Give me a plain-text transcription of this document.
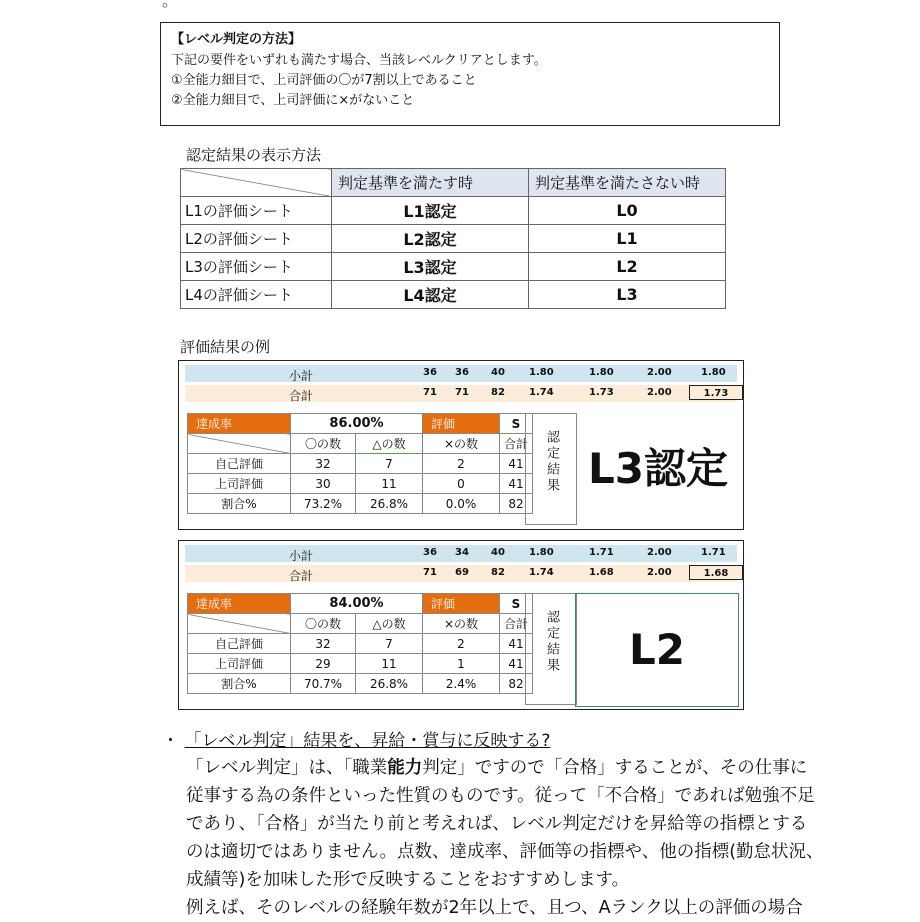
。
【レベル判定の方法】
下記の要件をいずれも満たす場合、当該レベルクリアとします。
①全能力細目で、上司評価の〇が7割以上であること
②全能力細目で、上司評価に×がないこと
認定結果の表示方法
	判定基準を満たす時	判定基準を満たさない時
L1の評価シート	L1認定	L0
L2の評価シート	L2認定	L1
L3の評価シート	L3認定	L2
L4の評価シート	L4認定	L3
評価結果の例
小計	36 36 40 1.80	1.80	2.00	1.80
合計	71 71 82 1.74	1.73	2.00	1.73
達成率	86.00%		評価	S
	〇の数	△の数	×の数	合計
自己評価	32	7	2	41
上司評価	30	11	0	41
割合%	73.2%	26.8%	0.0%	82
認定結果 L3認定
小計	36 34 40 1.80	1.71	2.00	1.71
合計	71 69 82 1.74	1.68	2.00	1.68
達成率	84.00%		評価	S
	〇の数	△の数	×の数	合計
自己評価	32	7	2	41
上司評価	29	11	1	41
割合%	70.7%	26.8%	2.4%	82
認定結果	L2
・ 「レベル判定」結果を、昇給・賞与に反映する?
「レベル判定」は、「職業能力判定」ですので「合格」することが、その仕事に
従事する為の条件といった性質のものです。従って「不合格」であれば勉強不足
であり、「合格」が当たり前と考えれば、レベル判定だけを昇給等の指標とする
のは適切ではありません。点数、達成率、評価等の指標や、他の指標(勤怠状況、
成績等)を加味した形で反映することをおすすめします。
例えば、そのレベルの経験年数が2年以上で、且つ、Aランク以上の評価の場合
